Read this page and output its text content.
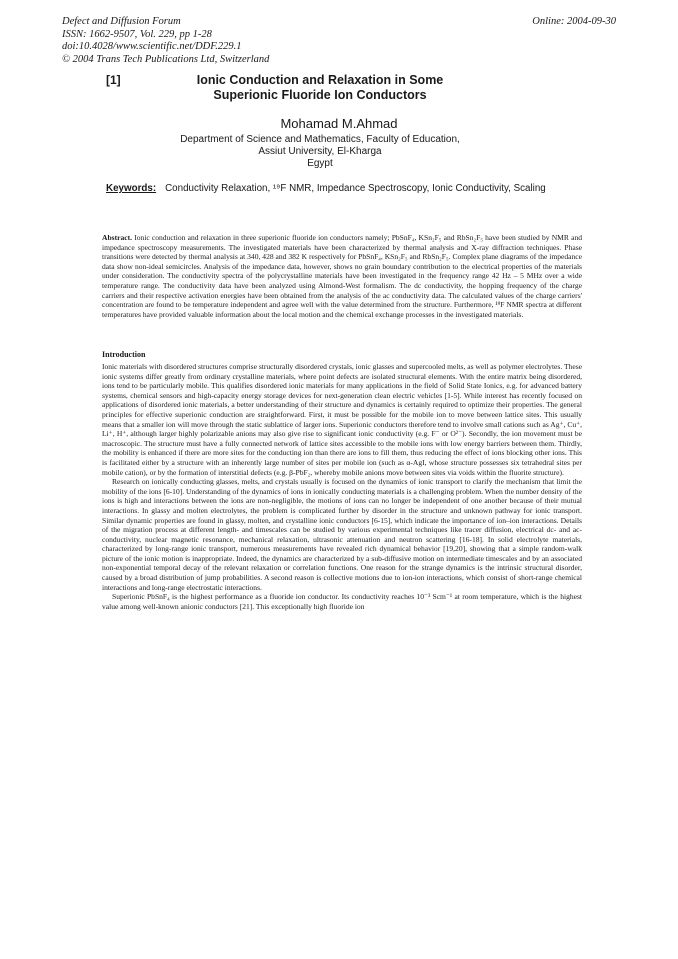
Defect and Diffusion Forum
ISSN: 1662-9507, Vol. 229, pp 1-28
doi:10.4028/www.scientific.net/DDF.229.1
© 2004 Trans Tech Publications Ltd, Switzerland
Online: 2004-09-30
[1]	Ionic Conduction and Relaxation in Some Superionic Fluoride Ion Conductors
Mohamad M.Ahmad
Department of Science and Mathematics, Faculty of Education,
Assiut University, El-Kharga
Egypt
Keywords: Conductivity Relaxation, ¹⁹F NMR, Impedance Spectroscopy, Ionic Conductivity, Scaling
Abstract. Ionic conduction and relaxation in three superionic fluoride ion conductors namely; PbSnF₄, KSn₂F₅ and RbSn₂F₅ have been studied by NMR and impedance spectroscopy measurements. The investigated materials have been characterized by thermal analysis and X-ray diffraction techniques. Phase transitions were detected by thermal analysis at 340, 428 and 382 K respectively for PbSnF₄, KSn₂F₅ and RbSn₂F₅. Complex plane diagrams of the impedance data show non-ideal semicircles. Analysis of the impedance data, however, shows no grain boundary contribution to the electrical properties of the materials under consideration. The conductivity spectra of the polycrystalline materials have been investigated in the frequency range 42 Hz – 5 MHz over a wide temperature range. The conductivity data have been analyzed using Almond-West formalism. The dc conductivity, the hopping frequency of the charge carriers and their respective activation energies have been obtained from the analysis of the ac conductivity data. The calculated values of the charge carriers' concentration are found to be temperature independent and agree well with the value determined from the structure. Furthermore, ¹⁹F NMR spectra at different temperatures have provided valuable information about the local motion and the chemical exchange processes in the investigated materials.
Introduction

Ionic materials with disordered structures comprise structurally disordered crystals, ionic glasses and supercooled melts, as well as polymer electrolytes. These ionic systems differ greatly from ordinary crystalline materials, where point defects are isolated structural elements. With the entire matrix being disordered, ions tend to be particularly mobile. This qualifies disordered ionic materials for many applications in the field of Solid State Ionics, e.g. for advanced battery systems, chemical sensors and high-capacity energy storage devices for next-generation clean electric vehicles [1-5]. While interest has recently focused on applications of disordered ionic materials, a better understanding of their structure and dynamics is certainly required to optimize their properties. The general principles for effective superionic conduction are straightforward. First, it must be possible for the mobile ion to move between lattice sites. This usually means that a smaller ion will move through the static sublattice of larger ions. Superionic conductors therefore tend to involve small cations such as Ag⁺, Cu⁺, Li⁺, H⁺, although larger highly polarizable anions may also give rise to significant ionic conductivity (e.g. F⁻ or O²⁻). Secondly, the ion movement must be macroscopic. The structure must have a fully connected network of lattice sites accessible to the mobile ions with low energy barriers between them. Thirdly, the mobility is enhanced if there are more sites for the conducting ion than there are ions to fill them, thus reducing the effect of ions blocking other ions. This is facilitated either by a structure with an inherently large number of sites per mobile ion (such as α-AgI, whose structure possesses six tetrahedral sites per mobile cation), or by the formation of interstitial defects (e.g. β-PbF₂, whereby mobile anions move between sites via voids within the fluorite structure).

Research on ionically conducting glasses, melts, and crystals usually is focused on the dynamics of ionic transport to clarify the mechanism that limit the mobility of the ions [6-10]. Understanding of the dynamics of ions in ionically conducting materials is a challenging problem. When the number density of the ions is high and interactions between the ions are non-negligible, the motions of ions can no longer be independent of one another because of their mutual interactions. In glassy and molten electrolytes, the problem is complicated further by disorder in the structure and unknown pathway for ionic transport. Similar dynamic properties are found in glassy, molten, and crystalline ionic conductors [6-15], which indicate the importance of ion–ion interactions. Details of the migration process at different length- and timescales can be studied by various experimental techniques like tracer diffusion, electrical dc- and ac-conductivity, nuclear magnetic resonance, mechanical relaxation, ultrasonic attenuation and neutron scattering [16-18]. In solid electrolyte materials, characterized by long-range ionic transport, numerous measurements have revealed rich dynamical behavior [19,20], showing that a simple random-walk picture of the ionic motion is inappropriate. Indeed, the dynamics are characterized by a sub-diffusive motion on intermediate timescales and by an associated non-exponential temporal decay of the relevant relaxation or correlation functions. One reason for the strange dynamics is the intrinsic structural disorder, caused by a broad distribution of jump probabilities. A second reason is collective motions due to ion-ion interactions, which consist of short-range chemical interactions and long-range electrostatic interactions.

Superionic PbSnF₄ is the highest performance as a fluoride ion conductor. Its conductivity reaches 10⁻³ Scm⁻¹ at room temperature, which is the highest value among well-known anionic conductors [21]. This exceptionally high fluoride ion
